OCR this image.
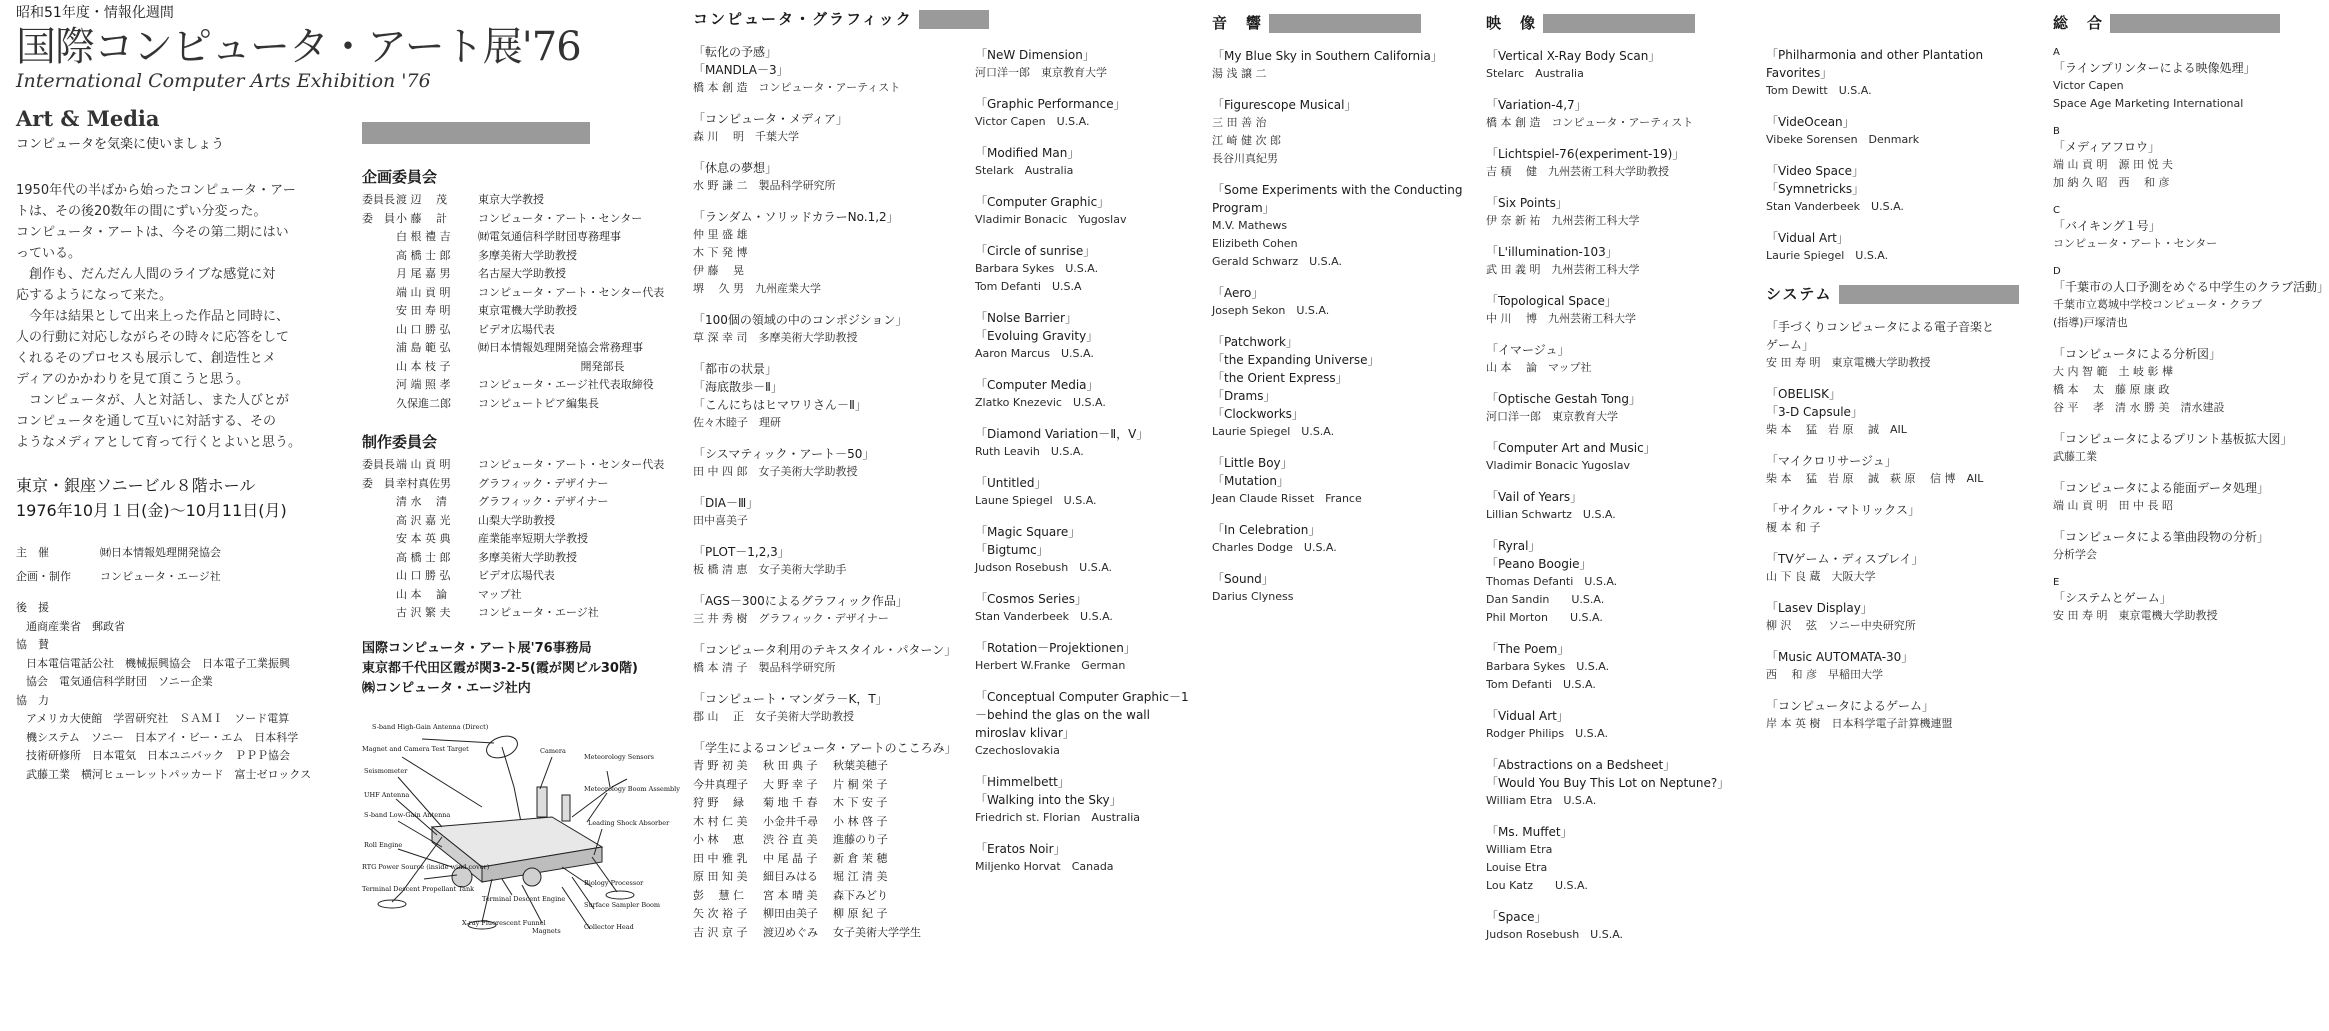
昭和51年度・情報化週間
国際コンピュータ・アート展'76
International Computer Arts Exhibition '76
Art & Media
コンピュータを気楽に使いましょう
1950年代の半ばから始ったコンピュータ・アー
トは、その後20数年の間にずい分変った。
コンピュータ・アートは、今その第二期にはい
っている。
　創作も、だんだん人間のライブな感覚に対
応するようになって来た。
　今年は結果として出来上った作品と同時に、
人の行動に対応しながらその時々に応答をして
くれるそのプロセスも展示して、創造性とメ
ディアのかかわりを見て頂こうと思う。
　コンピュータが、人と対話し、また人びとが
コンピュータを通して互いに対話する、その
ようなメディアとして育って行くとよいと思う。
東京・銀座ソニービル８階ホール
1976年10月１日(金)～10月11日(月)
主　催	㈶日本情報処理開発協会
企画・制作	コンピュータ・エージ社
後　援
通商産業省　郵政省
協　賛
日本電信電話公社　機械振興協会　日本電子工業振興
協会　電気通信科学財団　ソニー企業
協　力
アメリカ大使館　学習研究社　ＳＡＭＩ　ソード電算
機システム　ソニー　日本アイ・ビー・エム　日本科学
技術研修所　日本電気　日本ユニバック　ＰＰＰ協会
武藤工業　横河ヒューレットパッカード　富士ゼロックス
企画委員会
委員長渡 辺　 茂	東京大学教授
委　員小 藤　 計	コンピュータ・アート・センター
白 根 禮 吉	㈶電気通信科学財団専務理事
高 橋 士 郎	多摩美術大学助教授
月 尾 嘉 男	名古屋大学助教授
端 山 貢 明	コンピュータ・アート・センター代表
安 田 寿 明	東京電機大学助教授
山 口 勝 弘	ビデオ広場代表
浦 島 範 弘	㈶日本情報処理開発協会常務理事
山 本 枝 子	　　　　　　　　　 開発部長
河 端 照 孝	コンピュータ・エージ社代表取締役
久保進二郎 コンピュートピア編集長
制作委員会
委員長端 山 貢 明	コンピュータ・アート・センター代表
委　員幸村真佐男 グラフィック・デザイナー
清 水　 清	グラフィック・デザイナー
高 沢 嘉 光	山梨大学助教授
安 本 英 典	産業能率短期大学教授
高 橋 士 郎	多摩美術大学助教授
山 口 勝 弘	ビデオ広場代表
山 本　 論	マップ社
古 沢 繁 夫	コンピュータ・エージ社
国際コンピュータ・アート展'76事務局
東京都千代田区霞が関3-2-5(霞が関ビル30階)
㈱コンピュータ・エージ社内
S-band High-Gain Antenna (Direct)
Magnet and Camera Test Target
Seismometer
UHF Antenna
S-band Low-Gain Antenna
Roll Engine
RTG Power Source (inside wind cover)
Terminal Descent Propellant Tank
Camera
Meteorology Sensors
Meteorology Boom Assembly
Leading Shock Absorber
Biology Processor
Surface Sampler Boom
Collector Head
Terminal Descent Engine
X-ray Fluorescent Funnel
Magnets
コンピュータ・グラフィック
「転化の予感」
「MANDLA－3」
橋 本 創 造　コンピュータ・アーティスト
「コンピュータ・メディア」
森 川　 明　千葉大学
「休息の夢想」
水 野 謙 二　製品科学研究所
「ランダム・ソリッドカラーNo.1,2」
仲 里 盛 雄
木 下 発 博
伊 藤　 晃
堺　 久 男　九州産業大学
「100個の領域の中のコンポジション」
草 深 幸 司　多摩美術大学助教授
「都市の状景」
「海底散歩－Ⅱ」
「こんにちはヒマワリさん－Ⅱ」
佐々木睦子　理研
「シスマティック・アート－50」
田 中 四 郎　女子美術大学助教授
「DIA－Ⅲ」
田中喜美子
「PLOT－1,2,3」
板 橋 清 恵　女子美術大学助手
「AGS－300によるグラフィック作品」
三 井 秀 樹　グラフィック・デザイナー
「コンピュータ利用のテキスタイル・パターン」
橋 本 清 子　製品科学研究所
「コンピュート・マンダラ－K，T」
郡 山　 正　女子美術大学助教授
「学生によるコンピュータ・アートのこころみ」
青 野 初 美 秋 田 典 子 秋葉美穂子
今井真理子 大 野 幸 子 片 桐 栄 子
狩 野　 緑 菊 地 千 春 木 下 安 子
木 村 仁 美 小金井千尋 小 林 啓 子
小 林　 恵 渋 谷 直 美 進藤のり子
田 中 雅 乳 中 尾 晶 子 新 倉 茉 穂
原 田 知 美 細目みはる 堀 江 清 美
彭　 慧 仁 宮 本 晴 美 森下みどり
矢 次 裕 子 柳田由美子 柳 原 紀 子
吉 沢 京 子 渡辺めぐみ 女子美術大学学生
「NeW Dimension」
河口洋一郎　東京教育大学
「Graphic Performance」
Victor Capen　U.S.A.
「Modified Man」
Stelark　Australia
「Computer Graphic」
Vladimir Bonacic　Yugoslav
「Circle of sunrise」
Barbara Sykes　U.S.A.
Tom Defanti　U.S.A
「Nolse Barrier」
「Evoluing Gravity」
Aaron Marcus　U.S.A.
「Computer Media」
Zlatko Knezevic　U.S.A.
「Diamond Variation－Ⅱ，Ⅴ」
Ruth Leavih　U.S.A.
「Untitled」
Laune Spiegel　U.S.A.
「Magic Square」
「Bigtumc」
Judson Rosebush　U.S.A.
「Cosmos Series」
Stan Vanderbeek　U.S.A.
「Rotation－Projektionen」
Herbert W.Franke　German
「Conceptual Computer Graphic－1
－behind the glas on the wall
miroslav klivar」
Czechoslovakia
「Himmelbett」
「Walking into the Sky」
Friedrich st. Florian　Australia
「Eratos Noir」
Miljenko Horvat　Canada
音　響
「My Blue Sky in Southern California」
湯 浅 譲 二
「Figurescope Musical」
三 田 善 治
江 崎 健 次 郎
長谷川真紀男
「Some Experiments with the Conducting
Program」
M.V. Mathews
Elizibeth Cohen
Gerald Schwarz　U.S.A.
「Aero」
Joseph Sekon　U.S.A.
「Patchwork」
「the Expanding Universe」
「the Orient Express」
「Drams」
「Clockworks」
Laurie Spiegel　U.S.A.
「Little Boy」
「Mutation」
Jean Claude Risset　France
「In Celebration」
Charles Dodge　U.S.A.
「Sound」
Darius Clyness
映　像
「Vertical X-Ray Body Scan」
Stelarc　Australia
「Variation-4,7」
橋 本 創 造　コンピュータ・アーティスト
「Lichtspiel-76(experiment-19)」
吉 積　 健　九州芸術工科大学助教授
「Six Points」
伊 奈 新 祐　九州芸術工科大学
「L'illumination-103」
武 田 義 明　九州芸術工科大学
「Topological Space」
中 川　 博　九州芸術工科大学
「イマージュ」
山 本　 論　マップ社
「Optische Gestah Tong」
河口洋一郎　東京教育大学
「Computer Art and Music」
Vladimir Bonacic Yugoslav
「Vail of Years」
Lillian Schwartz　U.S.A.
「Ryral」
「Peano Boogie」
Thomas Defanti　U.S.A.
Dan Sandin　　U.S.A.
Phil Morton　　U.S.A.
「The Poem」
Barbara Sykes　U.S.A.
Tom Defanti　U.S.A.
「Vidual Art」
Rodger Philips　U.S.A.
「Abstractions on a Bedsheet」
「Would You Buy This Lot on Neptune?」
William Etra　U.S.A.
「Ms. Muffet」
William Etra
Louise Etra
Lou Katz　　U.S.A.
「Space」
Judson Rosebush　U.S.A.
「Philharmonia and other Plantation
Favorites」
Tom Dewitt　U.S.A.
「VideOcean」
Vibeke Sorensen　Denmark
「Video Space」
「Symnetricks」
Stan Vanderbeek　U.S.A.
「Vidual Art」
Laurie Spiegel　U.S.A.
システム
「手づくりコンピュータによる電子音楽と
ゲーム」
安 田 寿 明　東京電機大学助教授
「OBELISK」
「3-D Capsule」
柴 本　 猛　岩 原　 誠　AIL
「マイクロリサージュ」
柴 本　 猛　岩 原　 誠　萩 原　 信 博　AIL
「サイクル・マトリックス」
榎 本 和 子
「TVゲーム・ディスプレイ」
山 下 良 蔵　大阪大学
「Lasev Display」
柳 沢　 弦　ソニー中央研究所
「Music AUTOMATA-30」
西　 和 彦　早稲田大学
「コンピュータによるゲーム」
岸 本 英 樹　日本科学電子計算機連盟
総　合
A
「ラインプリンターによる映像処理」
Victor Capen
Space Age Marketing International
B
「メディアフロウ」
端 山 貢 明　源 田 悦 夫
加 納 久 昭　西　 和 彦
C
「バイキング１号」
コンピュータ・アート・センター
D
「千葉市の人口予測をめぐる中学生のクラブ活動」
千葉市立葛城中学校コンピュータ・クラブ
(指導)戸塚清也
「コンピュータによる分析図」
大 内 智 範　土 岐 彰 樺
橋 本　 太　藤 原 康 政
谷 平　 孝　清 水 勝 美　清水建設
「コンピュータによるプリント基板拡大図」
武藤工業
「コンピュータによる能面データ処理」
端 山 貢 明　田 中 長 昭
「コンピュータによる筆曲段物の分析」
分析学会
E
「システムとゲーム」
安 田 寿 明　東京電機大学助教授
